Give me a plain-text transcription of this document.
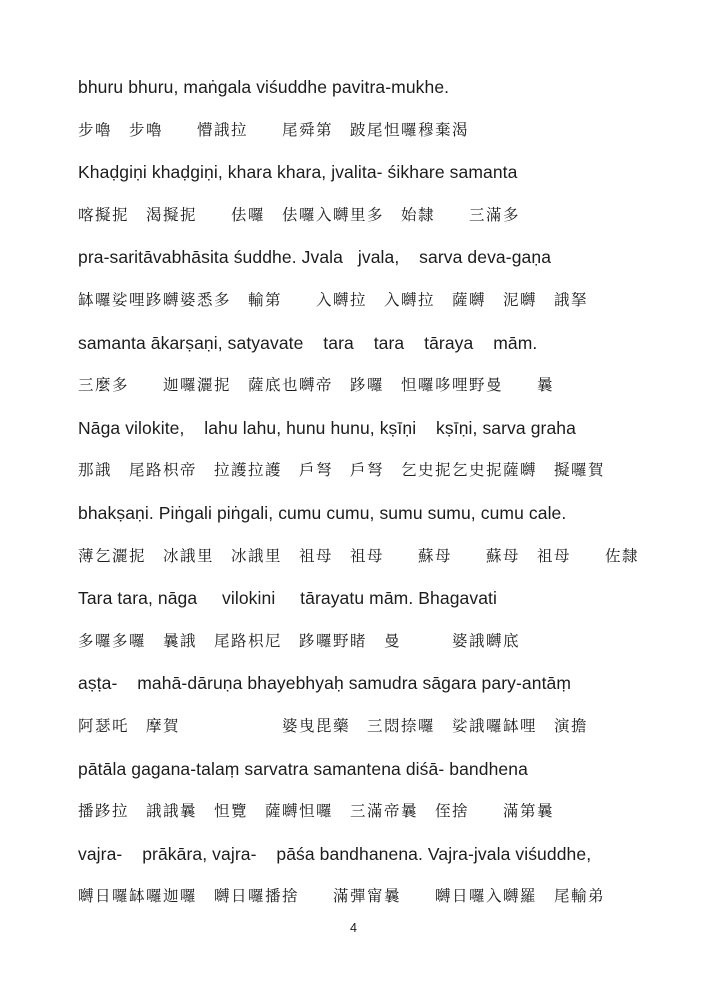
bhuru bhuru, maṅgala viśuddhe pavitra-mukhe.
步嚕　步嚕　　懵誐拉　　尾舜第　跛尾怛囉穆棄渴
Khaḍgiṇi khaḍgiṇi, khara khara, jvalita- śikhare samanta
喀擬抳　渴擬抳　　佉囉　佉囉入嚩里多　始隸　　三滿多
pra-saritāvabhāsita śuddhe. Jvala   jvala,    sarva deva-gaṇa
缽囉娑哩跢嚩婆悉多　輸第　　入嚩拉　入嚩拉　薩嚩　泥嚩　誐拏
samanta ākarṣaṇi, satyavate    tara    tara    tāraya    mām.
三麼多　　迦囉灑抳　薩底也嚩帝　跢囉　怛囉哆哩野曼　　曩
Nāga vilokite,    lahu lahu, hunu hunu, kṣīṇi    kṣīṇi, sarva graha
那誐　尾路枳帝　拉護拉護　戶弩　戶弩　乞史抳乞史抳薩嚩　擬囉賀
bhakṣaṇi. Piṅgali piṅgali, cumu cumu, sumu sumu, cumu cale.
薄乞灑抳　冰誐里　冰誐里　祖母　祖母　　蘇母　　蘇母　祖母　　佐隸
Tara tara, nāga     vilokini     tārayatu mām. Bhagavati
多囉多囉　曩誐　尾路枳尼　跢囉野睹　曼　　　婆誐嚩底
aṣṭa-    mahā-dāruṇa bhayebhyaḥ samudra sāgara pary-antāṃ
阿瑟吒　摩賀　　　　　　婆曳毘藥　三悶捺囉　娑誐囉缽哩　演擔
pātāla gagana-talaṃ sarvatra samantena diśā- bandhena
播跢拉　誐誐曩　怛覽　薩嚩怛囉　三滿帝曩　侄捨　　滿第曩
vajra-    prākāra, vajra-    pāśa bandhanena. Vajra-jvala viśuddhe,
嚩日囉缽囉迦囉　嚩日囉播捨　　滿彈甯曩　　嚩日囉入嚩羅　尾輸弟
4
